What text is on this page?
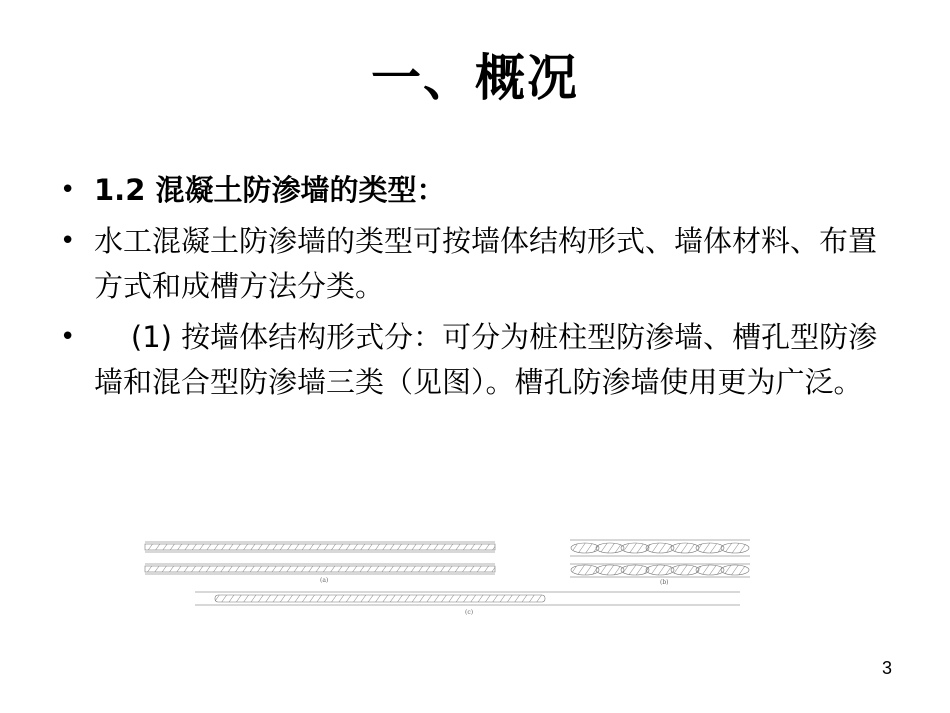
一、概况
• 1.2 混凝土防渗墙的类型：
• 水工混凝土防渗墙的类型可按墙体结构形式、墙体材料、布置方式和成槽方法分类。
• (1) 按墙体结构形式分：可分为桩柱型防渗墙、槽孔型防渗墙和混合型防渗墙三类（见图）。槽孔防渗墙使用更为广泛。
(a)	(b)
(c)
3
